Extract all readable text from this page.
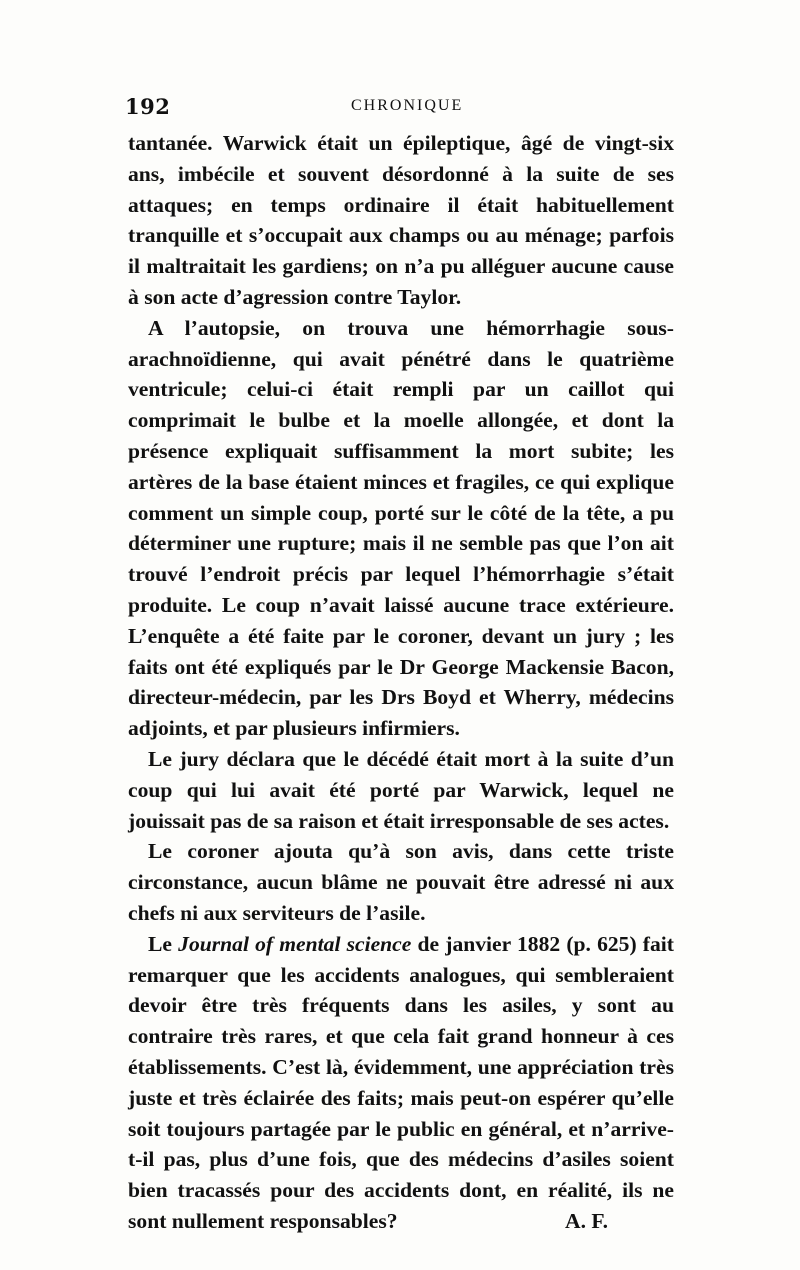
192	CHRONIQUE

tantanée. Warwick était un épileptique, âgé de vingt-six ans, imbécile et souvent désordonné à la suite de ses attaques; en temps ordinaire il était habituellement tranquille et s’occupait aux champs ou au ménage; parfois il maltraitait les gardiens; on n’a pu alléguer aucune cause à son acte d’agression contre Taylor.

A l’autopsie, on trouva une hémorrhagie sous-arachnoïdienne, qui avait pénétré dans le quatrième ventricule; celui-ci était rempli par un caillot qui comprimait le bulbe et la moelle allongée, et dont la présence expliquait suffisamment la mort subite; les artères de la base étaient minces et fragiles, ce qui explique comment un simple coup, porté sur le côté de la tête, a pu déterminer une rupture; mais il ne semble pas que l’on ait trouvé l’endroit précis par lequel l’hémorrhagie s’était produite. Le coup n’avait laissé aucune trace extérieure. L’enquête a été faite par le coroner, devant un jury ; les faits ont été expliqués par le Dr George Mackensie Bacon, directeur-médecin, par les Drs Boyd et Wherry, médecins adjoints, et par plusieurs infirmiers.

Le jury déclara que le décédé était mort à la suite d’un coup qui lui avait été porté par Warwick, lequel ne jouissait pas de sa raison et était irresponsable de ses actes.

Le coroner ajouta qu’à son avis, dans cette triste circonstance, aucun blâme ne pouvait être adressé ni aux chefs ni aux serviteurs de l’asile.

Le Journal of mental science de janvier 1882 (p. 625) fait remarquer que les accidents analogues, qui sembleraient devoir être très fréquents dans les asiles, y sont au contraire très rares, et que cela fait grand honneur à ces établissements. C’est là, évidemment, une appréciation très juste et très éclairée des faits; mais peut-on espérer qu’elle soit toujours partagée par le public en général, et n’arrive-t-il pas, plus d’une fois, que des médecins d’asiles soient bien tracassés pour des accidents dont, en réalité, ils ne sont nullement responsables?	A. F.
